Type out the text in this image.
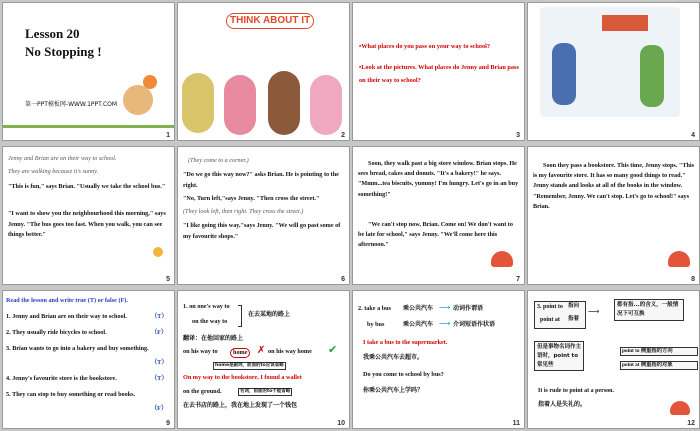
Lesson 20
No Stopping !
第一PPT模板网-WWW.1PPT.COM
1
THINK ABOUT IT
2
•What places do you pass on your way to school?
•Look at the pictures. What places do Jenny and Brian pass on their way to school?
3	4
Jenny and Brian are on their way to school.
They are walking because it's sunny.
"This is fun," says Brian. "Usually we take the school bus."
"I want to show you the neighbourhood this morning," says Jenny. "The bus goes too fast. When you walk, you can see things better."
5
(They come to a corner.)
"Do we go this way now?" asks Brian. He is pointing to the right.
"No, Turn left,"says Jenny. "Then cross the street."
(They look left, then right. They cross the street.)
"I like going this way,"says Jenny. "We will go past some of my favourite shops."
6
Soon, they walk past a big store window. Brian stops. He sees bread, cakes and donuts. "It's a bakery!" he says. "Mmm...tea biscuits, yummy! I'm hungry. Let's go in an buy something!"
"We can't stop now, Brian. Come on! We don't want to be late for school," says Jenny. "We'll come here this afternoon."
7
Soon they pass a bookstore. This time, Jenny stops. "This is my favourite store. It has so many good things to read." Jenny stands and looks at all of the books in the window. "Remember, Jenny. We can't stop. Let's go to school!" says Brian.
8
Read the lesson and write true (T) or false (F).
1. Jenny and Brian are on their way to school.	（T）
2. They usually ride bicycles to school.	（F）
3. Brian wants to go into a bakery and buy something.
（T）
4. Jenny's favourite store is the bookstore.	（T）
5. They can stop to buy something or read books.
（F）
9
1. on one's way to
on the way to
在去某地的路上
翻译：在他回家的路上
on his way to	home ✗ on his way home ✔
home是副词，前面的to应该省略
On my way to the bookstore, I found a wallet
on the ground.	名词，前面的to不能省略
在去书店的路上，我在地上发现了一个钱包
10
2. take a bus 乘公共汽车 ⟶ 动词作谓语
by bus	乘公共汽车 ⟶ 介词短语作状语
I take a bus to the supermarket.
我乘公共汽车去超市。
Do you come to school by bus?
你乘公共汽车上学吗？
11
3. point to 指向
point at 指着
⟶
都有指...的含义，一般情况下可互换
但是事物名词作主语时，point to 常见些
point to 侧重指的方向
point at 侧重指的对象
It is rude to point at a person.
指着人是失礼的。
12
